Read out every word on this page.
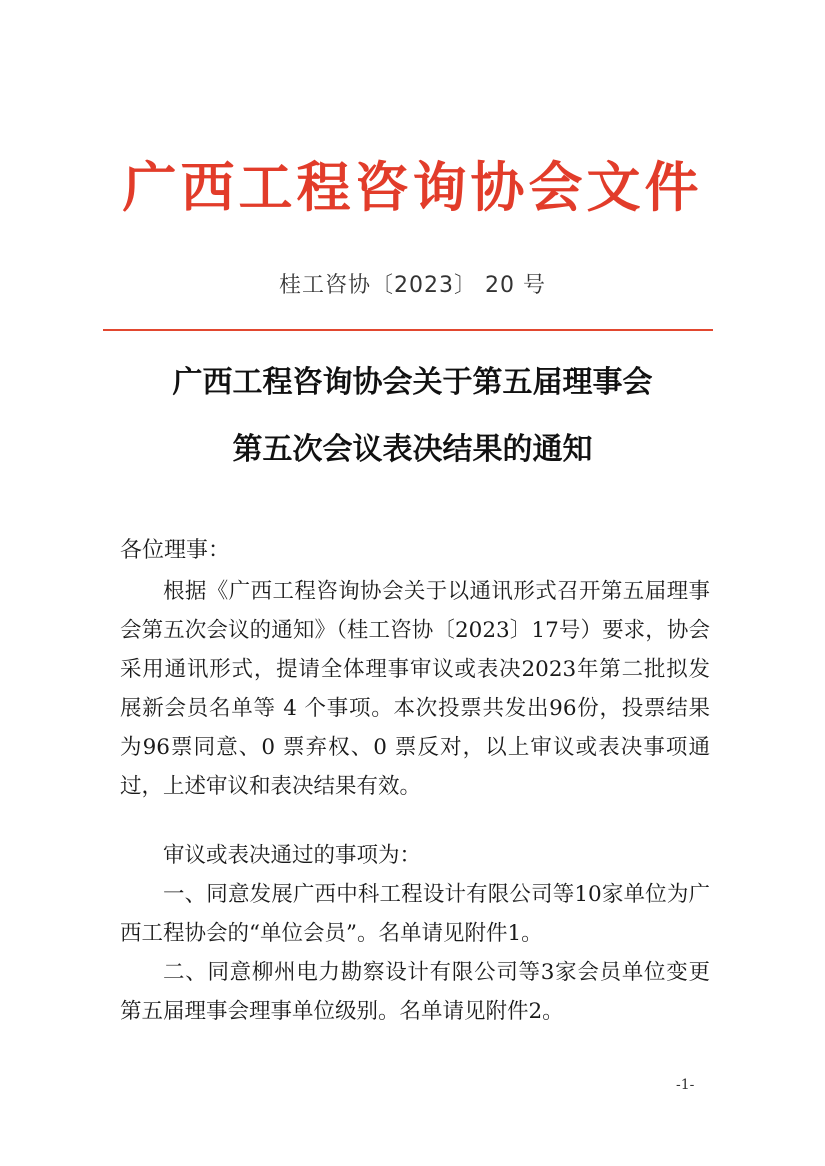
广西工程咨询协会文件
桂工咨协〔2023〕 20 号
广西工程咨询协会关于第五届理事会
第五次会议表决结果的通知
各位理事：

根据《广西工程咨询协会关于以通讯形式召开第五届理事会第五次会议的通知》（桂工咨协〔2023〕17号）要求，协会采用通讯形式，提请全体理事审议或表决2023年第二批拟发展新会员名单等 4 个事项。本次投票共发出96份，投票结果为96票同意、0 票弃权、0 票反对，以上审议或表决事项通过，上述审议和表决结果有效。

审议或表决通过的事项为：

一、同意发展广西中科工程设计有限公司等10家单位为广西工程协会的“单位会员”。名单请见附件1。

二、同意柳州电力勘察设计有限公司等3家会员单位变更第五届理事会理事单位级别。名单请见附件2。

-1-
